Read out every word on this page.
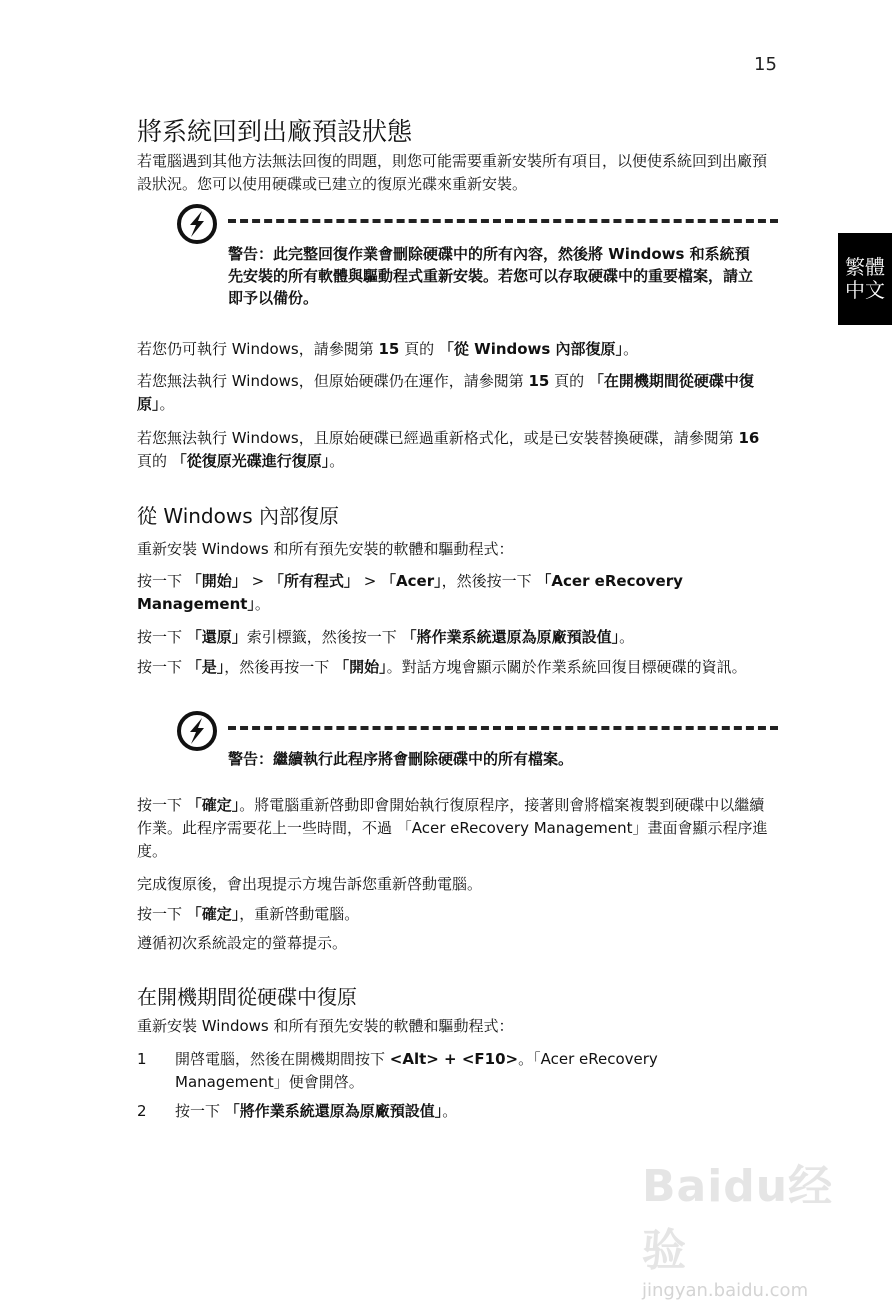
15
繁體中文
將系統回到出廠預設狀態
若電腦遇到其他方法無法回復的問題，則您可能需要重新安裝所有項目，以便使系統回到出廠預設狀況。您可以使用硬碟或已建立的復原光碟來重新安裝。
警告：此完整回復作業會刪除硬碟中的所有內容，然後將 Windows 和系統預先安裝的所有軟體與驅動程式重新安裝。若您可以存取硬碟中的重要檔案，請立即予以備份。
若您仍可執行 Windows，請參閱第 15 頁的 「從 Windows 內部復原」。
若您無法執行 Windows，但原始硬碟仍在運作，請參閱第 15 頁的 「在開機期間從硬碟中復原」。
若您無法執行 Windows，且原始硬碟已經過重新格式化，或是已安裝替換硬碟，請參閱第 16 頁的 「從復原光碟進行復原」。
從 Windows 內部復原
重新安裝 Windows 和所有預先安裝的軟體和驅動程式：
按一下 「開始」 > 「所有程式」 > 「Acer」，然後按一下 「Acer eRecovery Management」。
按一下 「還原」索引標籤，然後按一下 「將作業系統還原為原廠預設值」。
按一下 「是」，然後再按一下 「開始」。對話方塊會顯示關於作業系統回復目標硬碟的資訊。
警告：繼續執行此程序將會刪除硬碟中的所有檔案。
按一下 「確定」。將電腦重新啓動即會開始執行復原程序，接著則會將檔案複製到硬碟中以繼續作業。此程序需要花上一些時間，不過 「Acer eRecovery Management」畫面會顯示程序進度。
完成復原後，會出現提示方塊告訴您重新啓動電腦。
按一下 「確定」，重新啓動電腦。
遵循初次系統設定的螢幕提示。
在開機期間從硬碟中復原
重新安裝 Windows 和所有預先安裝的軟體和驅動程式：
1 開啓電腦，然後在開機期間按下 <Alt> + <F10>。「Acer eRecovery Management」便會開啓。
2 按一下 「將作業系統還原為原廠預設值」。
Baidu经验
jingyan.baidu.com
